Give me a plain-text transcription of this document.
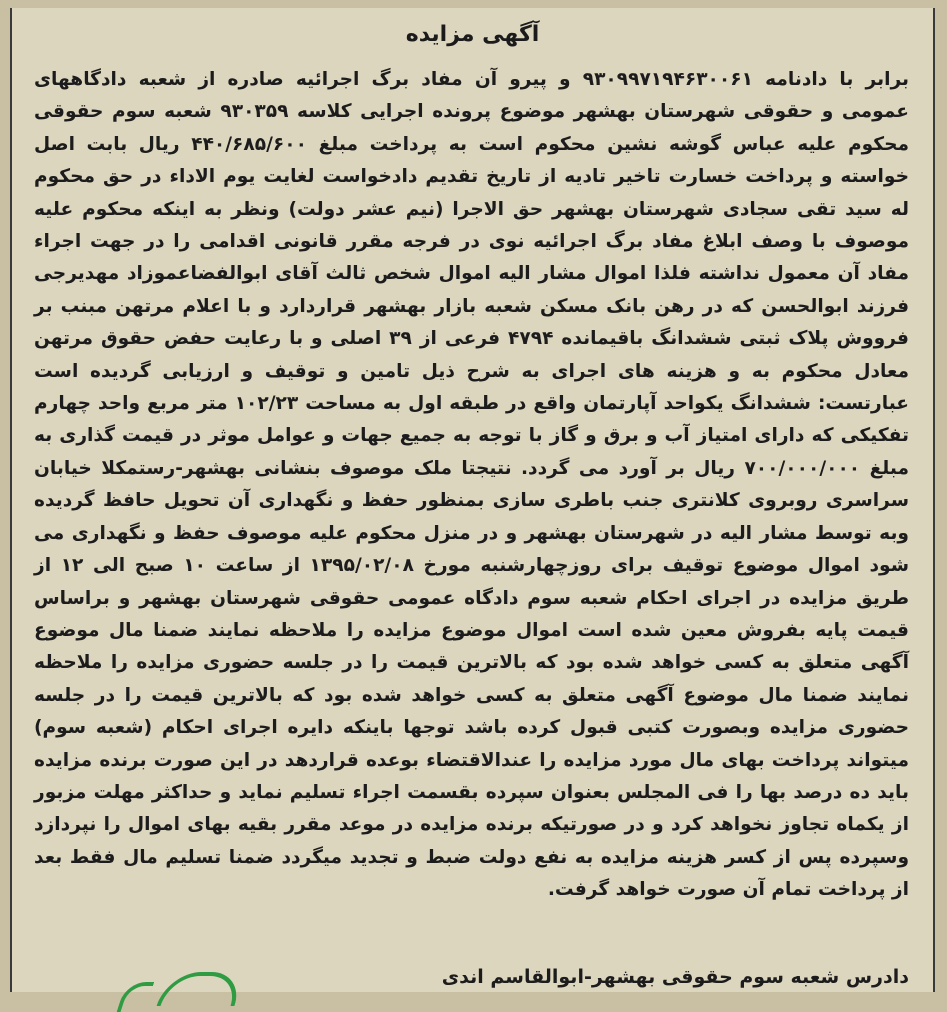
آگهی مزایده
برابر با دادنامه ۹۳۰۹۹۷۱۹۴۶۳۰۰۶۱ و پیرو آن مفاد برگ اجرائیه صادره از شعبه دادگاههای عمومی و حقوقی شهرستان بهشهر موضوع پرونده اجرایی کلاسه ۹۳۰۳۵۹ شعبه سوم حقوقی محکوم علیه عباس گوشه نشین محکوم است به پرداخت مبلغ ۴۴۰/۶۸۵/۶۰۰ ریال بابت اصل خواسته و پرداخت خسارت تاخیر تادیه از تاریخ تقدیم دادخواست لغایت یوم الاداء در حق محکوم له سید تقی سجادی شهرستان بهشهر حق الاجرا (نیم عشر دولت) ونظر به اینکه محکوم علیه موصوف با وصف ابلاغ مفاد برگ اجرائیه نوی در فرجه مقرر قانونی اقدامی را در جهت اجراء مفاد آن معمول نداشته فلذا اموال مشار الیه اموال شخص ثالث آقای ابوالفضاعموزاد مهدیرجی فرزند ابوالحسن که در رهن بانک مسکن شعبه بازار بهشهر قراردارد و با اعلام مرتهن مبنب بر فرووش پلاک ثبتی ششدانگ باقیمانده ۴۷۹۴ فرعی از ۳۹ اصلی و با رعایت حفض حقوق مرتهن معادل محکوم به و هزینه های اجرای به شرح ذیل تامین و توقیف و ارزیابی گردیده است عبارتست: ششدانگ یکواحد آپارتمان واقع در طبقه اول به مساحت ۱۰۲/۲۳ متر مربع واحد چهارم تفکیکی که دارای امتیاز آب و برق و گاز با توجه به جمیع جهات و عوامل موثر در قیمت گذاری به مبلغ ۷۰۰/۰۰۰/۰۰۰ ریال بر آورد می گردد. نتیجتا ملک موصوف بنشانی بهشهر-رستمکلا خیابان سراسری روبروی کلانتری جنب باطری سازی بمنظور حفظ و نگهداری آن تحویل حافظ گردیده وبه توسط مشار الیه در شهرستان بهشهر و در منزل محکوم علیه موصوف حفظ و نگهداری می شود اموال موضوع توقیف برای روزچهارشنبه مورخ ۱۳۹۵/۰۲/۰۸ از ساعت ۱۰ صبح الی ۱۲ از طریق مزایده در اجرای احکام شعبه سوم دادگاه عمومی حقوقی شهرستان بهشهر و براساس قیمت پایه بفروش معین شده است اموال موضوع مزایده را ملاحظه نمایند ضمنا مال موضوع آگهی متعلق به کسی خواهد شده بود که بالاترین قیمت را در جلسه حضوری مزایده را ملاحظه نمایند ضمنا مال موضوع آگهی متعلق به کسی خواهد شده بود که بالاترین قیمت را در جلسه حضوری مزایده وبصورت کتبی قبول کرده باشد توجها باینکه دایره اجرای احکام (شعبه سوم) میتواند پرداخت بهای مال مورد مزایده را عندالاقتضاء بوعده قراردهد در این صورت برنده مزایده باید ده درصد بها را فی المجلس بعنوان سپرده بقسمت اجراء تسلیم نماید و حداکثر مهلت مزبور از یکماه تجاوز نخواهد کرد و در صورتیکه برنده مزایده در موعد مقرر بقیه بهای اموال را نپردازد وسپرده پس از کسر هزینه مزایده به نفع دولت ضبط و تجدید میگردد ضمنا تسلیم مال فقط بعد از پرداخت تمام آن صورت خواهد گرفت.
دادرس شعبه سوم حقوقی بهشهر-ابوالقاسم اندی
